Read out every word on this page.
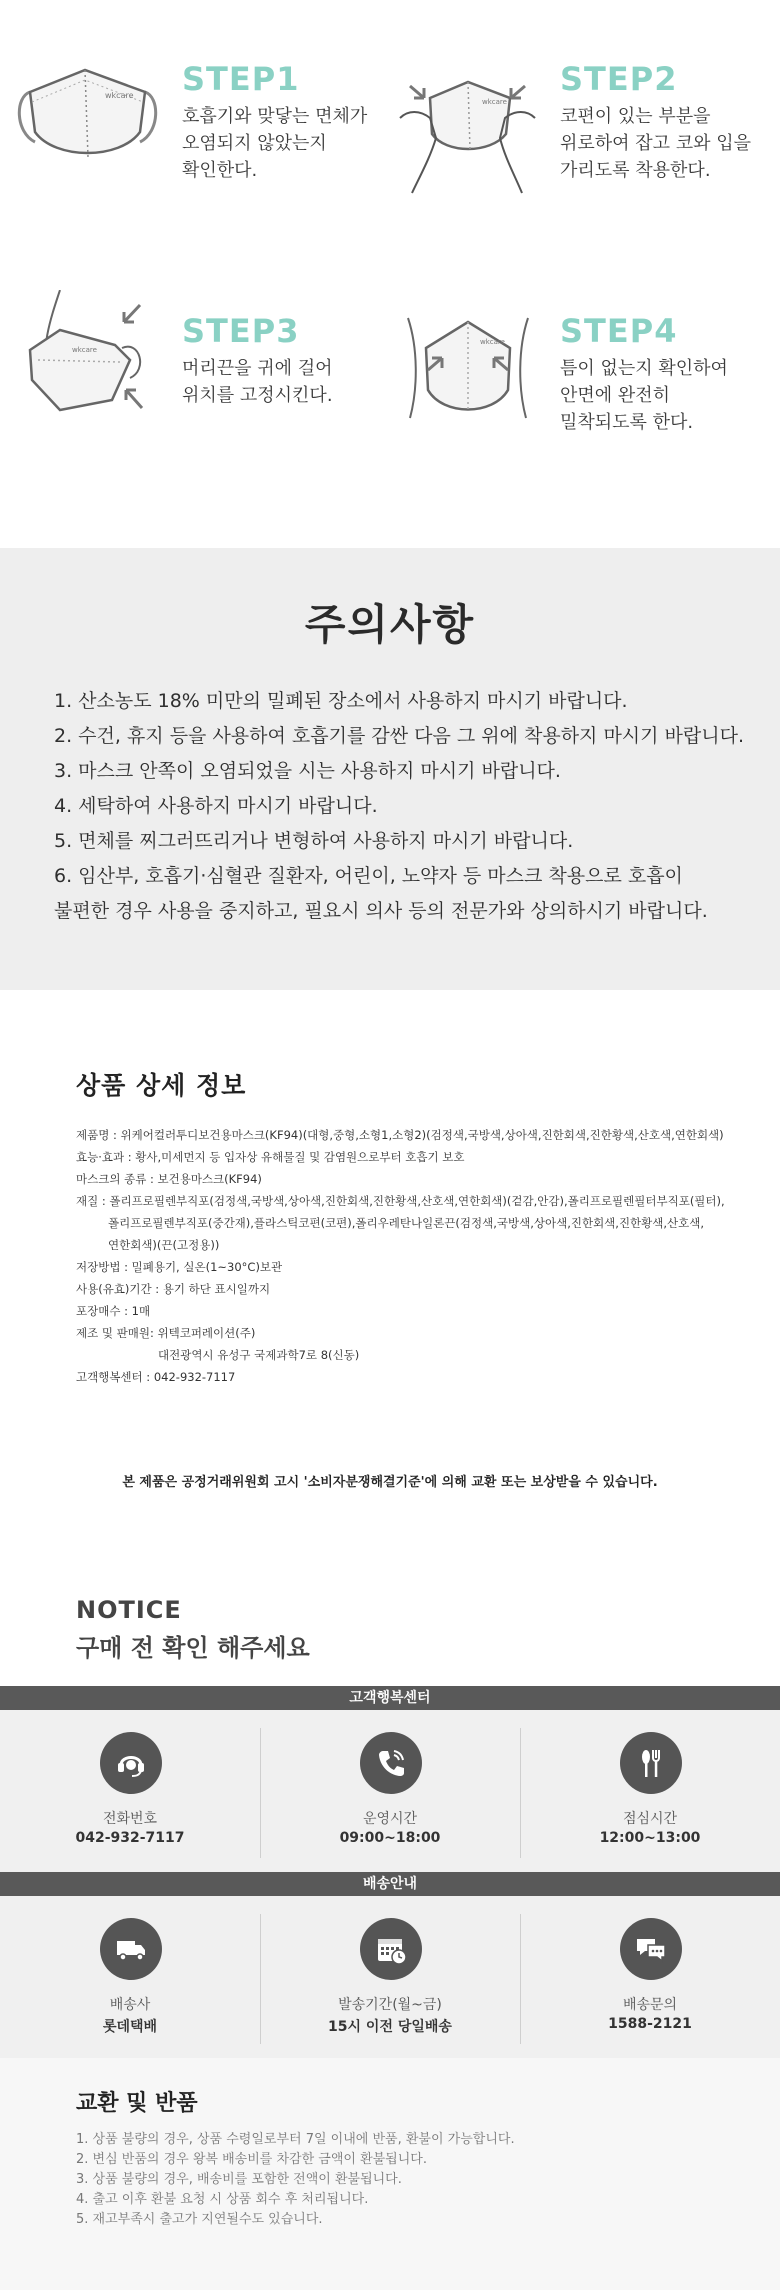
wkcare STEP1
호흡기와 맞닿는 면체가
오염되지 않았는지
확인한다.
wkcare
STEP2
코편이 있는 부분을
위로하여 잡고 코와 입을
가리도록 착용한다.
wkcare	STEP3
머리끈을 귀에 걸어
위치를 고정시킨다.
wkcare STEP4
틈이 없는지 확인하여
안면에 완전히
밀착되도록 한다.
주의사항
1. 산소농도 18% 미만의 밀폐된 장소에서 사용하지 마시기 바랍니다.
2. 수건, 휴지 등을 사용하여 호흡기를 감싼 다음 그 위에 착용하지 마시기 바랍니다.
3. 마스크 안쪽이 오염되었을 시는 사용하지 마시기 바랍니다.
4. 세탁하여 사용하지 마시기 바랍니다.
5. 면체를 찌그러뜨리거나 변형하여 사용하지 마시기 바랍니다.
6. 임산부, 호흡기·심혈관 질환자, 어린이, 노약자 등 마스크 착용으로 호흡이
불편한 경우 사용을 중지하고, 필요시 의사 등의 전문가와 상의하시기 바랍니다.
상품 상세 정보
제품명 : 위케어컬러투디보건용마스크(KF94)(대형,중형,소형1,소형2)(검정색,국방색,상아색,진한회색,진한황색,산호색,연한회색)
효능·효과 : 황사,미세먼지 등 입자상 유해물질 및 감염원으로부터 호흡기 보호
마스크의 종류 : 보건용마스크(KF94)
재질 : 폴리프로필렌부직포(검정색,국방색,상아색,진한회색,진한황색,산호색,연한회색)(겉감,안감),폴리프로필렌필터부직포(필터),
폴리프로필렌부직포(중간재),플라스틱코편(코편),폴리우레탄나일론끈(검정색,국방색,상아색,진한회색,진한황색,산호색,
연한회색)(끈(고정용))
저장방법 : 밀폐용기, 실온(1~30°C)보관
사용(유효)기간 : 용기 하단 표시일까지
포장매수 : 1매
제조 및 판매원: 위텍코퍼레이션(주)
대전광역시 유성구 국제과학7로 8(신동)
고객행복센터 : 042-932-7117
본 제품은 공정거래위원회 고시 '소비자분쟁해결기준'에 의해 교환 또는 보상받을 수 있습니다.
NOTICE
구매 전 확인 해주세요
고객행복센터
전화번호
042-932-7117
운영시간
09:00~18:00
점심시간
12:00~13:00
배송안내
배송사
롯데택배
발송기간(월~금)
15시 이전 당일배송
배송문의
1588-2121
교환 및 반품
1. 상품 불량의 경우, 상품 수령일로부터 7일 이내에 반품, 환불이 가능합니다.
2. 변심 반품의 경우 왕복 배송비를 차감한 금액이 환불됩니다.
3. 상품 불량의 경우, 배송비를 포함한 전액이 환불됩니다.
4. 출고 이후 환불 요청 시 상품 회수 후 처리됩니다.
5. 재고부족시 출고가 지연될수도 있습니다.
